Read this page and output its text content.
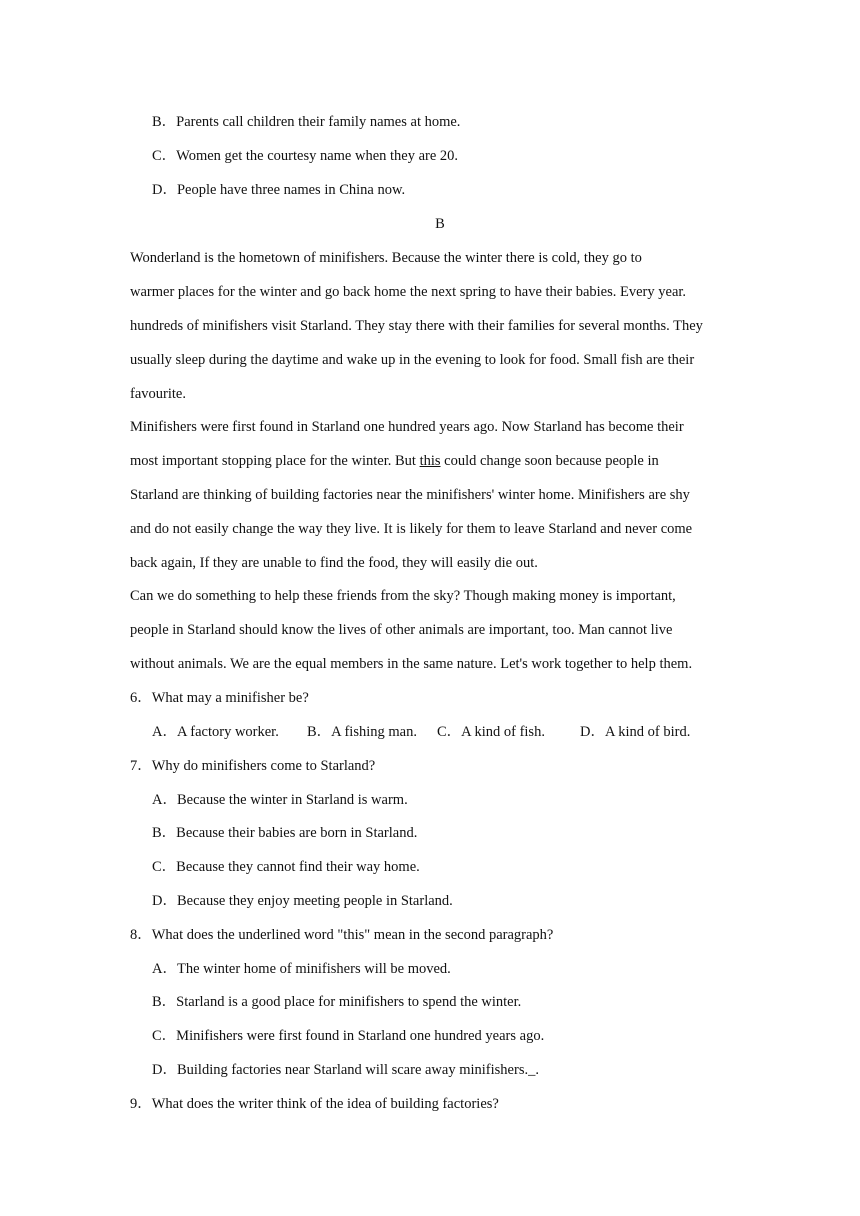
B．Parents call children their family names at home.
C．Women get the courtesy name when they are 20.
D．People have three names in China now.
B
Wonderland is the hometown of minifishers. Because the winter there is cold, they go to
warmer places for the winter and go back home the next spring to have their babies. Every year.
hundreds of minifishers visit Starland. They stay there with their families for several months. They
usually sleep during the daytime and wake up in the evening to look for food. Small fish are their
favourite.
Minifishers were first found in Starland one hundred years ago. Now Starland has become their
most important stopping place for the winter. But this could change soon because people in
Starland are thinking of building factories near the minifishers' winter home. Minifishers are shy
and do not easily change the way they live. It is likely for them to leave Starland and never come
back again, If they are unable to find the food, they will easily die out.
Can we do something to help these friends from the sky? Though making money is important,
people in Starland should know the lives of other animals are important, too. Man cannot live
without animals. We are the equal members in the same nature. Let's work together to help them.
6．What may a minifisher be?
A．A factory worker. B．A fishing man. C．A kind of fish. D．A kind of bird.
7．Why do minifishers come to Starland?
A．Because the winter in Starland is warm.
B．Because their babies are born in Starland.
C．Because they cannot find their way home.
D．Because they enjoy meeting people in Starland.
8．What does the underlined word "this" mean in the second paragraph?
A．The winter home of minifishers will be moved.
B．Starland is a good place for minifishers to spend the winter.
C．Minifishers were first found in Starland one hundred years ago.
D．Building factories near Starland will scare away minifishers._.
9．What does the writer think of the idea of building factories?
